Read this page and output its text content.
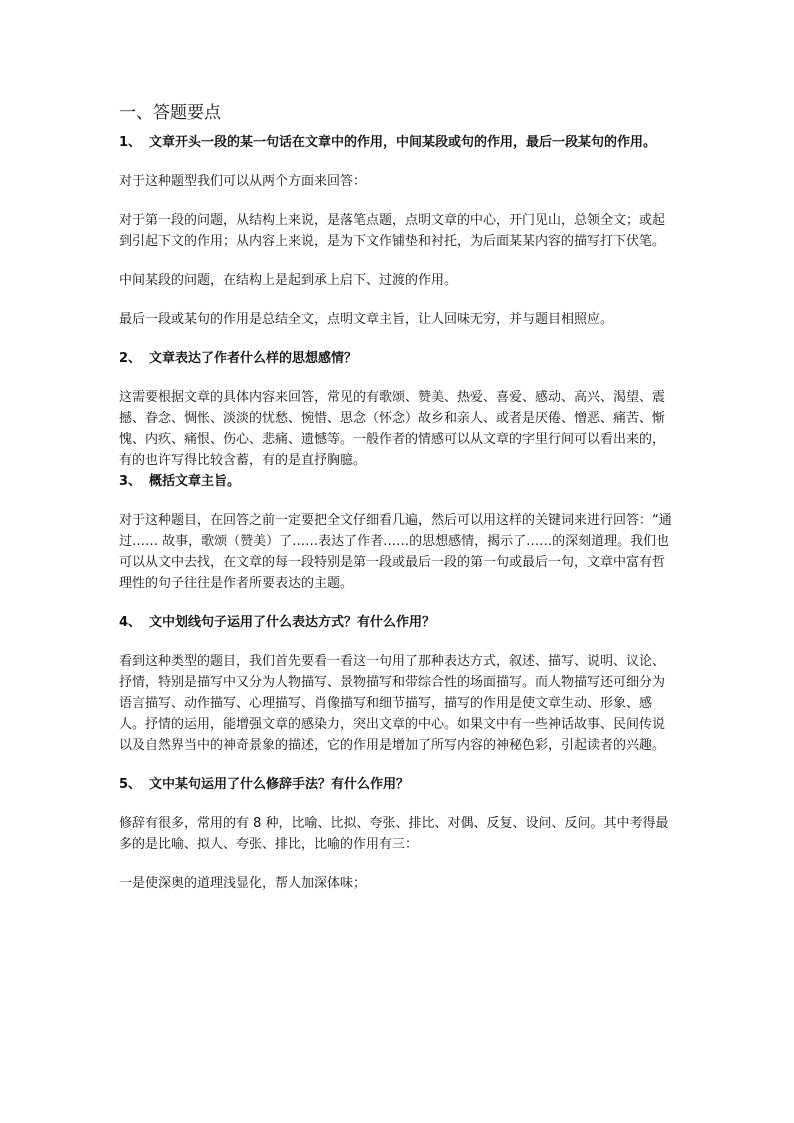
一、答题要点
1、 文章开头一段的某一句话在文章中的作用，中间某段或句的作用，最后一段某句的作用。

对于这种题型我们可以从两个方面来回答：

对于第一段的问题，从结构上来说，是落笔点题，点明文章的中心，开门见山，总领全文；或起到引起下文的作用；从内容上来说，是为下文作铺垫和衬托，为后面某某内容的描写打下伏笔。

中间某段的问题，在结构上是起到承上启下、过渡的作用。

最后一段或某句的作用是总结全文，点明文章主旨，让人回味无穷，并与题目相照应。

2、 文章表达了作者什么样的思想感情？

这需要根据文章的具体内容来回答，常见的有歌颂、赞美、热爱、喜爱、感动、高兴、渴望、震撼、眷念、惆怅、淡淡的忧愁、惋惜、思念（怀念）故乡和亲人、或者是厌倦、憎恶、痛苦、惭愧、内疚、痛恨、伤心、悲痛、遗憾等。一般作者的情感可以从文章的字里行间可以看出来的，有的也许写得比较含蓄，有的是直抒胸臆。

3、 概括文章主旨。

对于这种题目，在回答之前一定要把全文仔细看几遍，然后可以用这样的关键词来进行回答：“通过…… 故事，歌颂（赞美）了……表达了作者……的思想感情，揭示了……的深刻道理。我们也可以从文中去找，在文章的每一段特别是第一段或最后一段的第一句或最后一句，文章中富有哲理性的句子往往是作者所要表达的主题。

4、 文中划线句子运用了什么表达方式？有什么作用？

看到这种类型的题目，我们首先要看一看这一句用了那种表达方式，叙述、描写、说明、议论、抒情，特别是描写中又分为人物描写、景物描写和带综合性的场面描写。而人物描写还可细分为语言描写、动作描写、心理描写、肖像描写和细节描写，描写的作用是使文章生动、形象、感人。抒情的运用，能增强文章的感染力，突出文章的中心。如果文中有一些神话故事、民间传说以及自然界当中的神奇景象的描述，它的作用是增加了所写内容的神秘色彩，引起读者的兴趣。

5、 文中某句运用了什么修辞手法？有什么作用？

修辞有很多，常用的有 8 种，比喻、比拟、夸张、排比、对偶、反复、设问、反问。其中考得最多的是比喻、拟人、夸张、排比，比喻的作用有三：

一是使深奥的道理浅显化，帮人加深体味；
